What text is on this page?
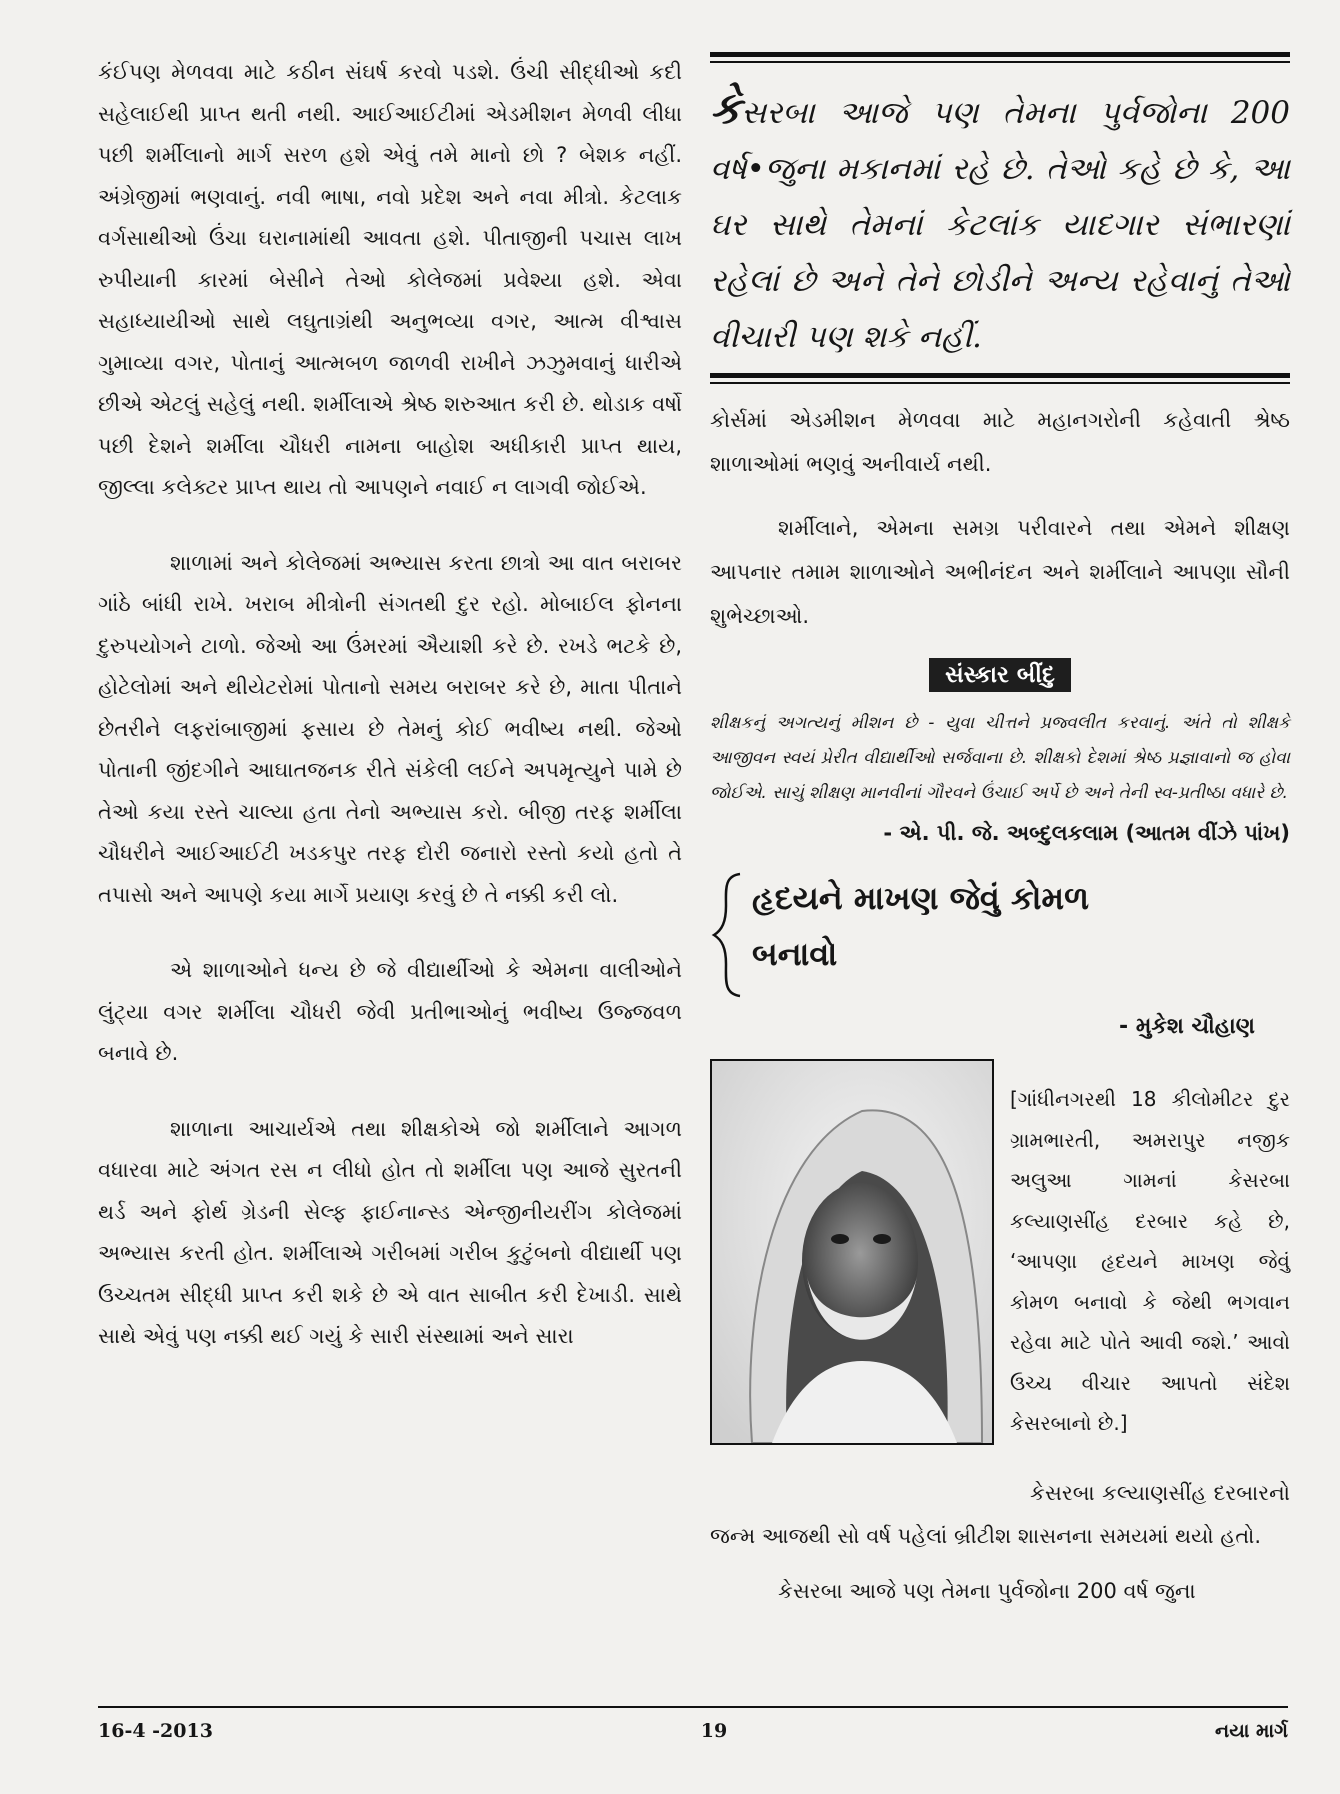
કંઈપણ મેળવવા માટે કઠીન સંઘર્ષ કરવો પડશે. ઉંચી સીદ્ધીઓ કદી સહેલાઈથી પ્રાપ્ત થતી નથી. આઈઆઈટીમાં એડમીશન મેળવી લીધા પછી શર્મીલાનો માર્ગ સરળ હશે એવું તમે માનો છો ? બેશક નહીં. અંગ્રેજીમાં ભણવાનું. નવી ભાષા, નવો પ્રદેશ અને નવા મીત્રો. કેટલાક વર્ગસાથીઓ ઉંચા ઘરાનામાંથી આવતા હશે. પીતાજીની પચાસ લાખ રુપીયાની કારમાં બેસીને તેઓ કોલેજમાં પ્રવેશ્યા હશે. એવા સહાધ્યાયીઓ સાથે લઘુતાગ્રંથી અનુભવ્યા વગર, આત્મ વીશ્વાસ ગુમાવ્યા વગર, પોતાનું આત્મબળ જાળવી રાખીને ઝઝુમવાનું ધારીએ છીએ એટલું સહેલું નથી. શર્મીલાએ શ્રેષ્ઠ શરુઆત કરી છે. થોડાક વર્ષો પછી દેશને શર્મીલા ચૌધરી નામના બાહોશ અધીકારી પ્રાપ્ત થાય, જીલ્લા કલેક્ટર પ્રાપ્ત થાય તો આપણને નવાઈ ન લાગવી જોઈએ.

શાળામાં અને કોલેજમાં અભ્યાસ કરતા છાત્રો આ વાત બરાબર ગાંઠે બાંધી રાખે. ખરાબ મીત્રોની સંગતથી દુર રહો. મોબાઈલ ફોનના દુરુપયોગને ટાળો. જેઓ આ ઉંમરમાં ઐયાશી કરે છે. રખડે ભટકે છે, હોટેલોમાં અને થીયેટરોમાં પોતાનો સમય બરાબર કરે છે, માતા પીતાને છેતરીને લફરાંબાજીમાં ફસાય છે તેમનું કોઈ ભવીષ્ય નથી. જેઓ પોતાની જીંદગીને આઘાતજનક રીતે સંકેલી લઈને અપમૃત્યુને પામે છે તેઓ કયા રસ્તે ચાલ્યા હતા તેનો અભ્યાસ કરો. બીજી તરફ શર્મીલા ચૌધરીને આઈઆઈટી ખડકપુર તરફ દોરી જનારો રસ્તો કયો હતો તે તપાસો અને આપણે કયા માર્ગે પ્રયાણ કરવું છે તે નક્કી કરી લો.

એ શાળાઓને ધન્ય છે જે વીદ્યાર્થીઓ કે એમના વાલીઓને લુંટ્યા વગર શર્મીલા ચૌધરી જેવી પ્રતીભાઓનું ભવીષ્ય ઉજ્જવળ બનાવે છે.

શાળાના આચાર્યએ તથા શીક્ષકોએ જો શર્મીલાને આગળ વધારવા માટે અંગત રસ ન લીધો હોત તો શર્મીલા પણ આજે સુરતની થર્ડ અને ફોર્થ ગ્રેડની સેલ્ફ ફાઈનાન્સ્ડ એન્જીનીયરીંગ કોલેજમાં અભ્યાસ કરતી હોત. શર્મીલાએ ગરીબમાં ગરીબ કુટુંબનો વીદ્યાર્થી પણ ઉચ્ચતમ સીદ્ધી પ્રાપ્ત કરી શકે છે એ વાત સાબીત કરી દેખાડી. સાથે સાથે એવું પણ નક્કી થઈ ગયું કે સારી સંસ્થામાં અને સારા

કેસરબા આજે પણ તેમના પુર્વજોના 200 વર્ષ•જુના મકાનમાં રહે છે. તેઓ કહે છે કે, આ ઘર સાથે તેમનાં કેટલાંક યાદગાર સંભારણાં રહેલાં છે અને તેને છોડીને અન્ય રહેવાનું તેઓ વીચારી પણ શકે નહીં.

કોર્સમાં એડમીશન મેળવવા માટે મહાનગરોની કહેવાતી શ્રેષ્ઠ શાળાઓમાં ભણવું અનીવાર્ય નથી.

શર્મીલાને, એમના સમગ્ર પરીવારને તથા એમને શીક્ષણ આપનાર તમામ શાળાઓને અભીનંદન અને શર્મીલાને આપણા સૌની શુભેચ્છાઓ.

સંસ્કાર બીંદુ

શીક્ષકનું અગત્યનું મીશન છે - યુવા ચીત્તને પ્રજ્વલીત કરવાનું. અંતે તો શીક્ષકે આજીવન સ્વયં પ્રેરીત વીદ્યાર્થીઓ સર્જવાના છે. શીક્ષકો દેશમાં શ્રેષ્ઠ પ્રજ્ઞાવાનો જ હોવા જોઈએ. સાચું શીક્ષણ માનવીનાં ગૌરવને ઉંચાઈ અર્પે છે અને તેની સ્વ-પ્રતીષ્ઠા વધારે છે.

- એ. પી. જે. અબ્દુલકલામ (આતમ વીંઝે પાંખ)

હૃદયને માખણ જેવું કોમળ

બનાવો

- મુકેશ ચૌહાણ

[ગાંધીનગરથી 18 કીલોમીટર દુર ગ્રામભારતી, અમરાપુર નજીક અલુઆ ગામનાં કેસરબા કલ્યાણસીંહ દરબાર કહે છે, ‘આપણા હૃદયને માખણ જેવું કોમળ બનાવો કે જેથી ભગવાન રહેવા માટે પોતે આવી જશે.’ આવો ઉચ્ચ વીચાર આપતો સંદેશ કેસરબાનો છે.]

કેસરબા કલ્યાણસીંહ દરબારનો જન્મ આજથી સો વર્ષ પહેલાં બ્રીટીશ શાસનના સમયમાં થયો હતો.

કેસરબા આજે પણ તેમના પુર્વજોના 200 વર્ષ જુના

16-4 -2013	19	નયા માર્ગ
